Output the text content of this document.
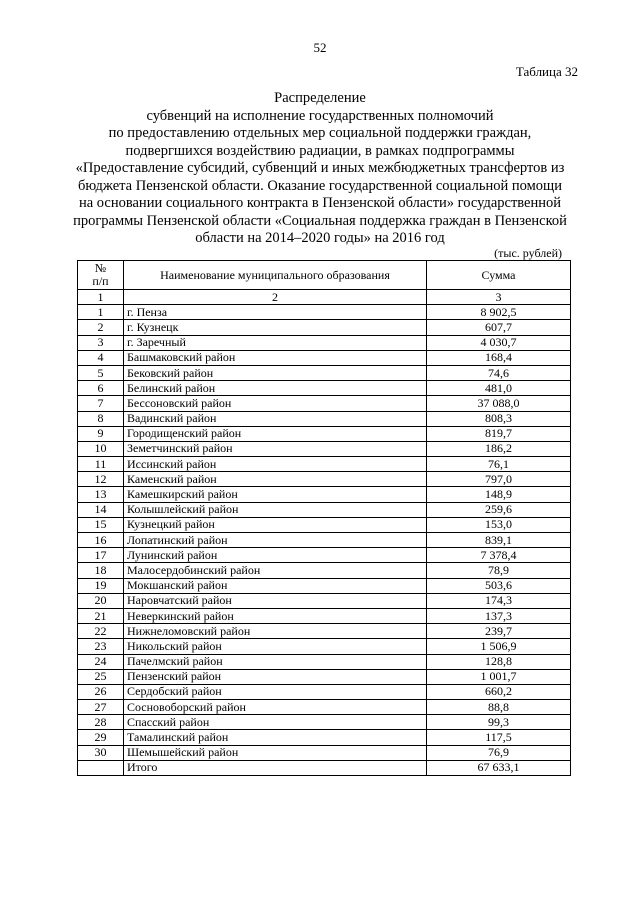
52
Таблица 32
Распределение
субвенций на исполнение государственных полномочий
по предоставлению отдельных мер социальной поддержки граждан,
подвергшихся воздействию радиации, в рамках подпрограммы
«Предоставление субсидий, субвенций и иных межбюджетных трансфертов из
бюджета Пензенской области. Оказание государственной социальной помощи
на основании социального контракта в Пензенской области» государственной
программы Пензенской области «Социальная поддержка граждан в Пензенской
области на 2014–2020 годы» на 2016 год
(тыс. рублей)
№
п/п	Наименование муниципального образования	Сумма
1	2	3
1	г. Пенза	8 902,5
2	г. Кузнецк	607,7
3	г. Заречный	4 030,7
4	Башмаковский район	168,4
5	Бековский район	74,6
6	Белинский район	481,0
7	Бессоновский район	37 088,0
8	Вадинский район	808,3
9	Городищенский район	819,7
10	Земетчинский район	186,2
11	Иссинский район	76,1
12	Каменский район	797,0
13	Камешкирский район	148,9
14	Колышлейский район	259,6
15	Кузнецкий район	153,0
16	Лопатинский район	839,1
17	Лунинский район	7 378,4
18	Малосердобинский район	78,9
19	Мокшанский район	503,6
20	Наровчатский район	174,3
21	Неверкинский район	137,3
22	Нижнеломовский район	239,7
23	Никольский район	1 506,9
24	Пачелмский район	128,8
25	Пензенский район	1 001,7
26	Сердобский район	660,2
27	Сосновоборский район	88,8
28	Спасский район	99,3
29	Тамалинский район	117,5
30	Шемышейский район	76,9
	Итого	67 633,1
